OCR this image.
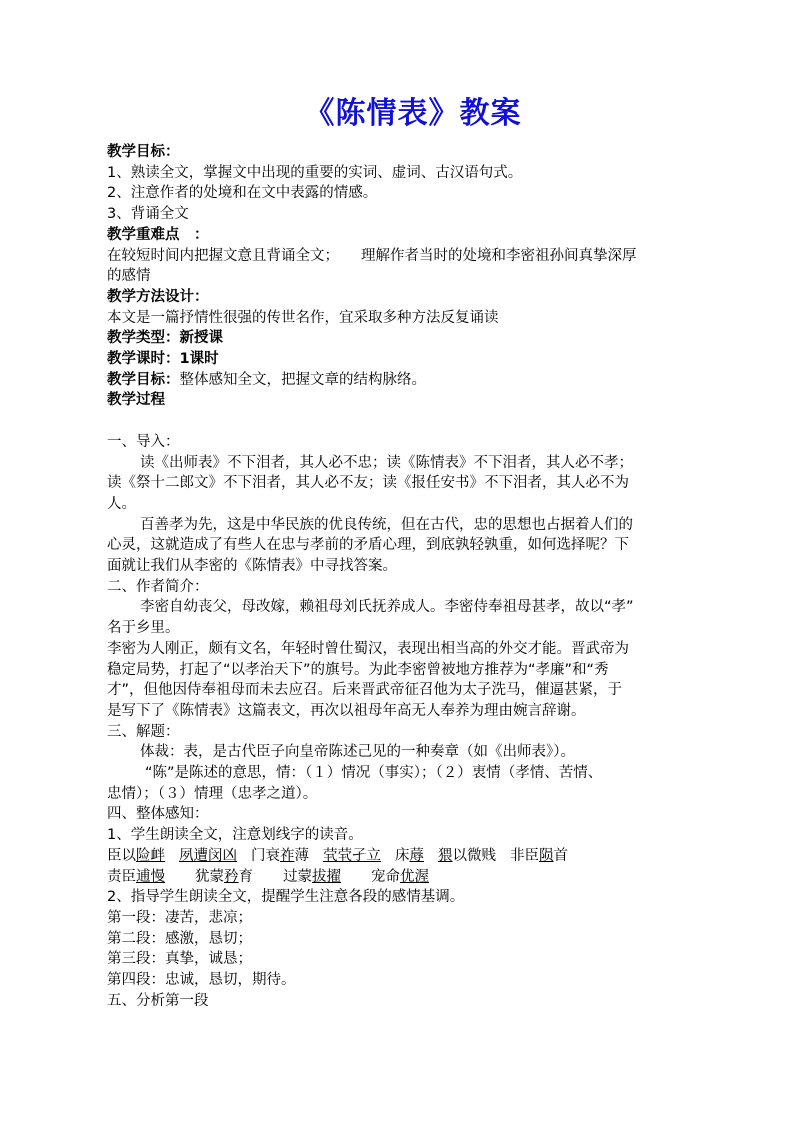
《陈情表》教案
教学目标：
1、熟读全文，掌握文中出现的重要的实词、虚词、古汉语句式。
2、注意作者的处境和在文中表露的情感。
3、背诵全文
教学重难点　：
在较短时间内把握文意且背诵全文； 理解作者当时的处境和李密祖孙间真挚深厚
的感情
教学方法设计：
本文是一篇抒情性很强的传世名作，宜采取多种方法反复诵读
教学类型：新授课
教学课时：1课时
教学目标：整体感知全文，把握文章的结构脉络。
教学过程
一、导入：
读《出师表》不下泪者，其人必不忠；读《陈情表》不下泪者，其人必不孝；
读《祭十二郎文》不下泪者，其人必不友；读《报任安书》不下泪者，其人必不为
人。
百善孝为先，这是中华民族的优良传统，但在古代，忠的思想也占据着人们的
心灵，这就造成了有些人在忠与孝前的矛盾心理，到底孰轻孰重，如何选择呢？下
面就让我们从李密的《陈情表》中寻找答案。
二、作者简介：
李密自幼丧父，母改嫁，赖祖母刘氏抚养成人。李密侍奉祖母甚孝，故以“孝”
名于乡里。
李密为人刚正，颇有文名，年轻时曾仕蜀汉，表现出相当高的外交才能。晋武帝为
稳定局势，打起了“以孝治天下”的旗号。为此李密曾被地方推荐为“孝廉”和“秀
才”，但他因侍奉祖母而未去应召。后来晋武帝征召他为太子洗马，催逼甚紧，于
是写下了《陈情表》这篇表文，再次以祖母年高无人奉养为理由婉言辞谢。
三、解题：
体裁：表，是古代臣子向皇帝陈述己见的一种奏章（如《出师表》）。
“陈”是陈述的意思，情：（１）情况（事实）；（２）衷情（孝情、苦情、
忠情）；（３）情理（忠孝之道）。
四、整体感知：
1、学生朗读全文，注意划线字的读音。
臣以险衅 夙遭闵凶 门衰祚薄 茕茕孑立 床蓐 猥以微贱 非臣陨首
责臣逋慢 犹蒙矜育 过蒙拔擢 宠命优渥
2、指导学生朗读全文，提醒学生注意各段的感情基调。
第一段：凄苦，悲凉；
第二段：感激，恳切；
第三段：真挚，诚恳；
第四段：忠诚，恳切，期待。
五、分析第一段
